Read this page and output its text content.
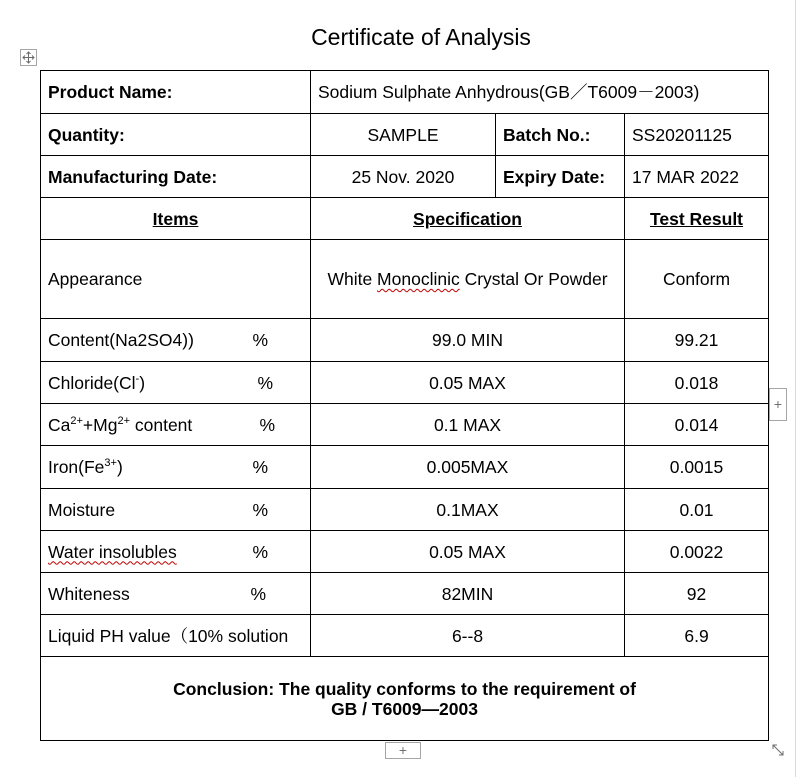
Certificate of Analysis
Product Name:	Sodium Sulphate Anhydrous(GB／T6009－2003)		
Quantity:	SAMPLE	Batch No.:	SS20201125
Manufacturing Date:	25 Nov. 2020	Expiry Date:	17 MAR 2022
Items	Specification		Test Result
Appearance	White Monoclinic Crystal Or Powder		Conform

Content(Na2SO4)) %	99.0 MIN		99.21

Chloride(Cl-) %	0.05 MAX		0.018

$Ca^{2+}+Mg^{2+}$ content %	0.1 MAX		0.014

$Iron(Fe^{3+})$ %	0.005MAX		0.0015

Moisture %	0.1MAX		0.01

Water insolubles %	0.05 MAX		0.0022

Whiteness %	82MIN		92
Liquid PH value（10% solution	6--8		6.9

Conclusion: The quality conforms to the requirement of
GB / T6009—2003			
+
+
